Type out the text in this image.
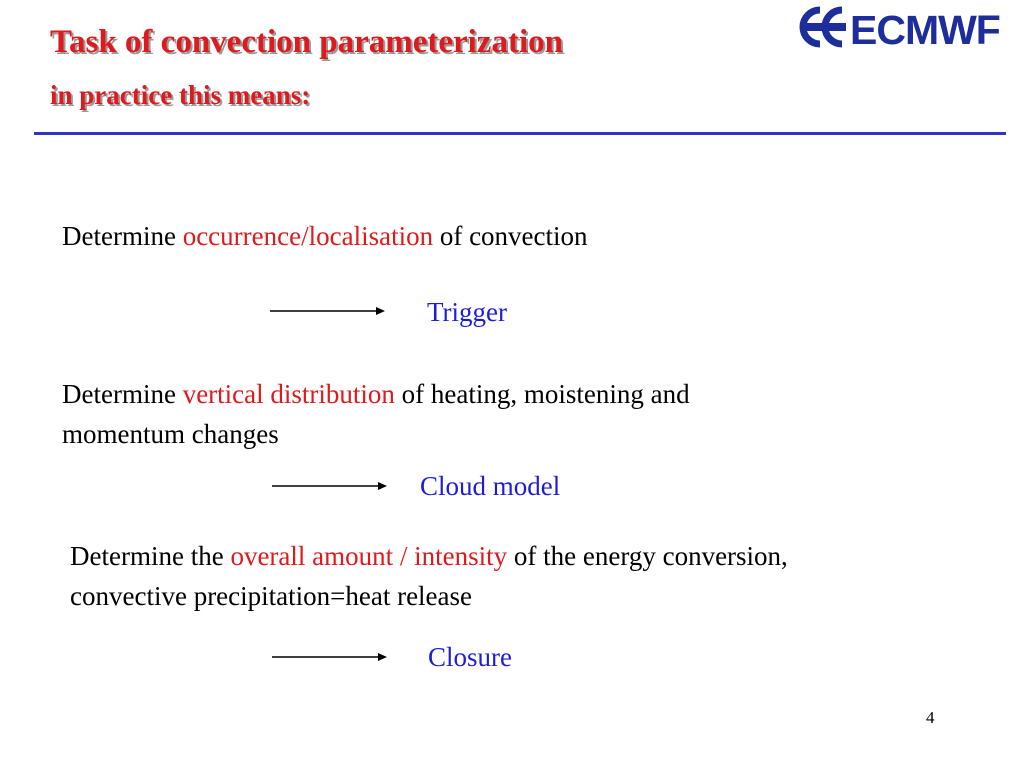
Task of convection parameterization
in practice this means:
ECMWF
Determine occurrence/localisation of convection
Trigger
Determine vertical distribution of heating, moistening and
momentum changes
Cloud model
Determine the overall amount / intensity of the energy conversion,
convective precipitation=heat release
Closure
4
